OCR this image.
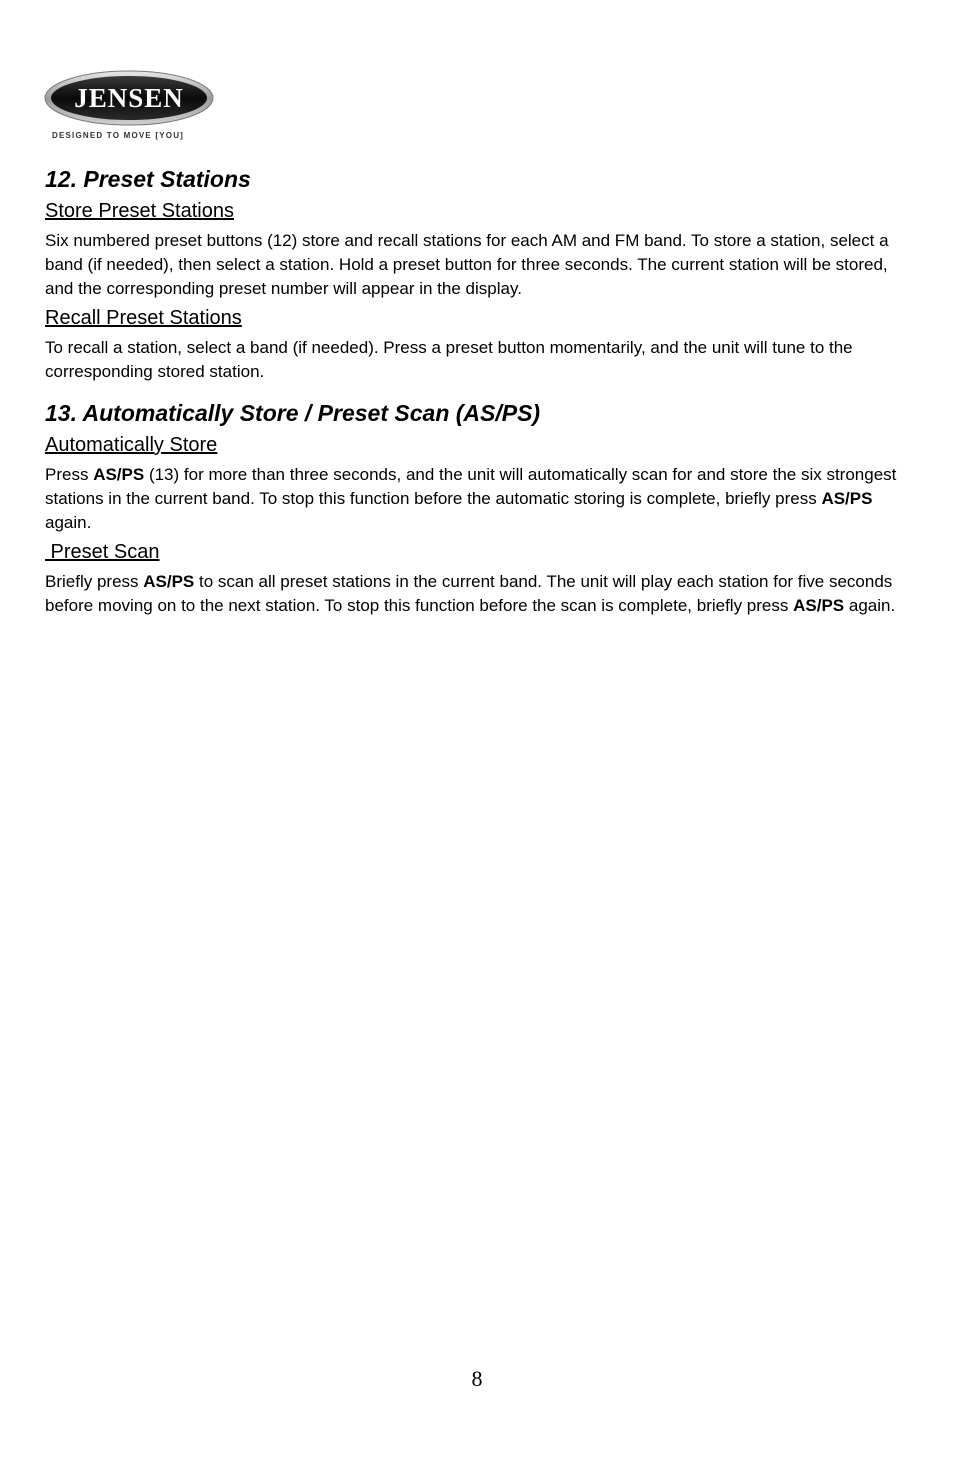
JENSEN
DESIGNED TO MOVE [YOU]
12. Preset Stations
Store Preset Stations

Six numbered preset buttons (12) store and recall stations for each AM and FM band. To store a station, select a band (if needed), then select a station. Hold a preset button for three seconds. The current station will be stored, and the corresponding preset number will appear in the display.

Recall Preset Stations

To recall a station, select a band (if needed). Press a preset button momentarily, and the unit will tune to the corresponding stored station.

13. Automatically Store / Preset Scan (AS/PS)
Automatically Store

Press AS/PS (13) for more than three seconds, and the unit will automatically scan for and store the six strongest stations in the current band. To stop this function before the automatic storing is complete, briefly press AS/PS again.

Preset Scan

Briefly press AS/PS to scan all preset stations in the current band. The unit will play each station for five seconds before moving on to the next station. To stop this function before the scan is complete, briefly press AS/PS again.

8
